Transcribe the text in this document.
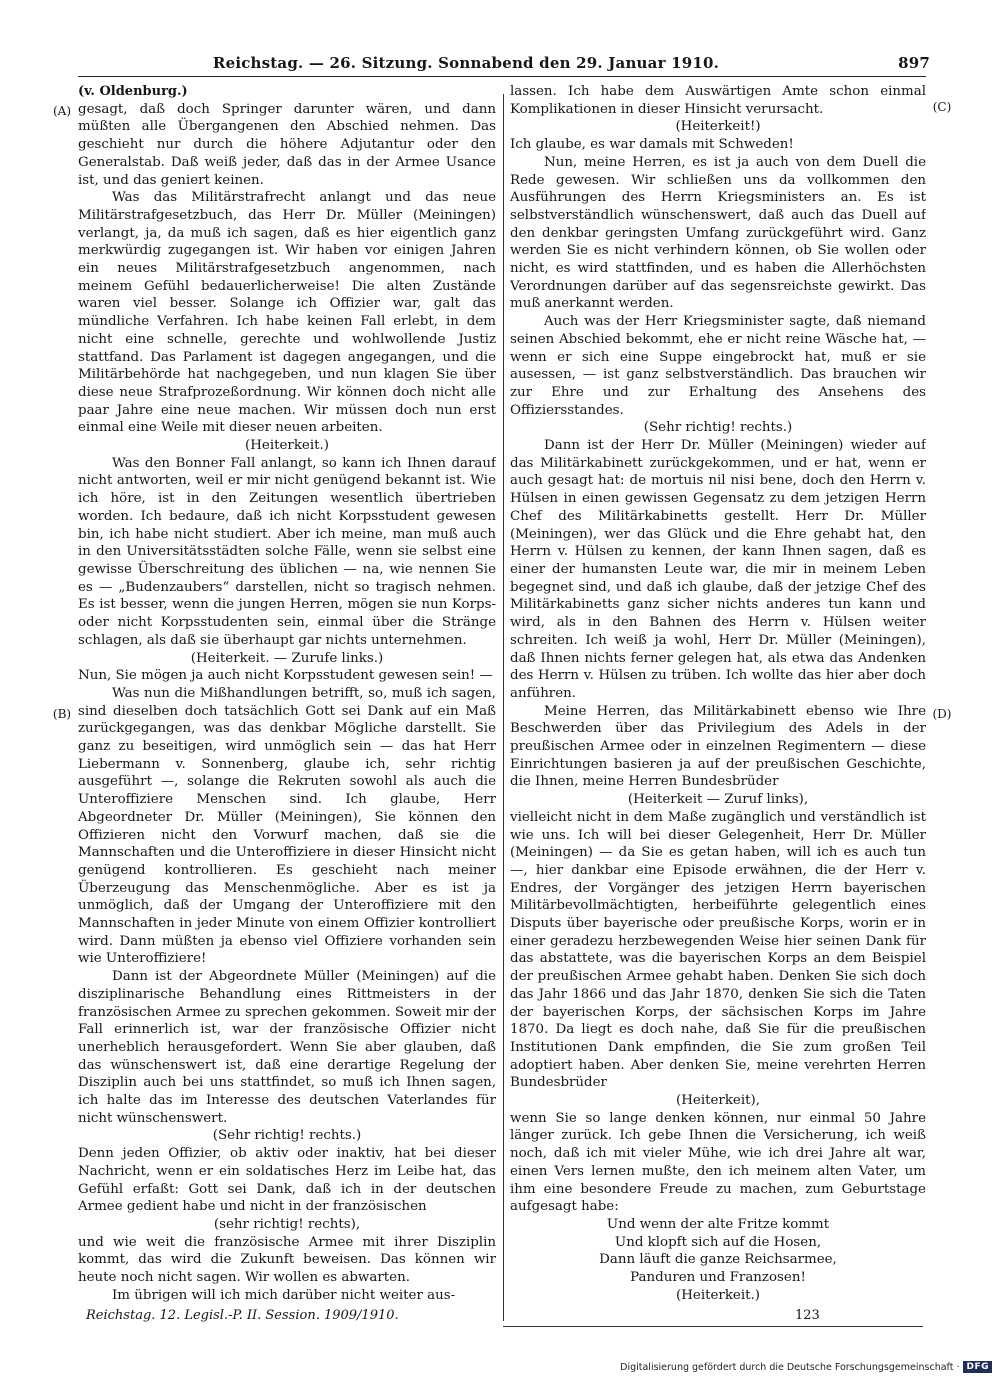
Reichstag. — 26. Sitzung. Sonnabend den 29. Januar 1910.	897
(A)
(B)
(C)
(D)

(v. Oldenburg.)

gesagt, daß doch Springer darunter wären, und dann müßten alle Übergangenen den Abschied nehmen. Das geschieht nur durch die höhere Adjutantur oder den Generalstab. Daß weiß jeder, daß das in der Armee Usance ist, und das geniert keinen.

Was das Militärstrafrecht anlangt und das neue Militärstrafgesetzbuch, das Herr Dr. Müller (Meiningen) verlangt, ja, da muß ich sagen, daß es hier eigentlich ganz merkwürdig zugegangen ist. Wir haben vor einigen Jahren ein neues Militärstrafgesetzbuch angenommen, nach meinem Gefühl bedauerlicherweise! Die alten Zustände waren viel besser. Solange ich Offizier war, galt das mündliche Verfahren. Ich habe keinen Fall erlebt, in dem nicht eine schnelle, gerechte und wohlwollende Justiz stattfand. Das Parlament ist dagegen angegangen, und die Militärbehörde hat nachgegeben, und nun klagen Sie über diese neue Strafprozeßordnung. Wir können doch nicht alle paar Jahre eine neue machen. Wir müssen doch nun erst einmal eine Weile mit dieser neuen arbeiten.

(Heiterkeit.)

Was den Bonner Fall anlangt, so kann ich Ihnen darauf nicht antworten, weil er mir nicht genügend bekannt ist. Wie ich höre, ist in den Zeitungen wesentlich übertrieben worden. Ich bedaure, daß ich nicht Korpsstudent gewesen bin, ich habe nicht studiert. Aber ich meine, man muß auch in den Universitätsstädten solche Fälle, wenn sie selbst eine gewisse Überschreitung des üblichen — na, wie nennen Sie es — „Budenzaubers“ darstellen, nicht so tragisch nehmen. Es ist besser, wenn die jungen Herren, mögen sie nun Korps- oder nicht Korpsstudenten sein, einmal über die Stränge schlagen, als daß sie überhaupt gar nichts unternehmen.

(Heiterkeit. — Zurufe links.)

Nun, Sie mögen ja auch nicht Korpsstudent gewesen sein! —

Was nun die Mißhandlungen betrifft, so, muß ich sagen, sind dieselben doch tatsächlich Gott sei Dank auf ein Maß zurückgegangen, was das denkbar Mögliche darstellt. Sie ganz zu beseitigen, wird unmöglich sein — das hat Herr Liebermann v. Sonnenberg, glaube ich, sehr richtig ausgeführt —, solange die Rekruten sowohl als auch die Unteroffiziere Menschen sind. Ich glaube, Herr Abgeordneter Dr. Müller (Meiningen), Sie können den Offizieren nicht den Vorwurf machen, daß sie die Mannschaften und die Unteroffiziere in dieser Hinsicht nicht genügend kontrollieren. Es geschieht nach meiner Überzeugung das Menschenmögliche. Aber es ist ja unmöglich, daß der Umgang der Unteroffiziere mit den Mannschaften in jeder Minute von einem Offizier kontrolliert wird. Dann müßten ja ebenso viel Offiziere vorhanden sein wie Unteroffiziere!

Dann ist der Abgeordnete Müller (Meiningen) auf die disziplinarische Behandlung eines Rittmeisters in der französischen Armee zu sprechen gekommen. Soweit mir der Fall erinnerlich ist, war der französische Offizier nicht unerheblich herausgefordert. Wenn Sie aber glauben, daß das wünschenswert ist, daß eine derartige Regelung der Disziplin auch bei uns stattfindet, so muß ich Ihnen sagen, ich halte das im Interesse des deutschen Vaterlandes für nicht wünschenswert.

(Sehr richtig! rechts.)

Denn jeden Offizier, ob aktiv oder inaktiv, hat bei dieser Nachricht, wenn er ein soldatisches Herz im Leibe hat, das Gefühl erfaßt: Gott sei Dank, daß ich in der deutschen Armee gedient habe und nicht in der französischen

(sehr richtig! rechts),

und wie weit die französische Armee mit ihrer Disziplin kommt, das wird die Zukunft beweisen. Das können wir heute noch nicht sagen. Wir wollen es abwarten.

Im übrigen will ich mich darüber nicht weiter aus-

lassen. Ich habe dem Auswärtigen Amte schon einmal Komplikationen in dieser Hinsicht verursacht.

(Heiterkeit!)

Ich glaube, es war damals mit Schweden!

Nun, meine Herren, es ist ja auch von dem Duell die Rede gewesen. Wir schließen uns da vollkommen den Ausführungen des Herrn Kriegsministers an. Es ist selbstverständlich wünschenswert, daß auch das Duell auf den denkbar geringsten Umfang zurückgeführt wird. Ganz werden Sie es nicht verhindern können, ob Sie wollen oder nicht, es wird stattfinden, und es haben die Allerhöchsten Verordnungen darüber auf das segensreichste gewirkt. Das muß anerkannt werden.

Auch was der Herr Kriegsminister sagte, daß niemand seinen Abschied bekommt, ehe er nicht reine Wäsche hat, — wenn er sich eine Suppe eingebrockt hat, muß er sie ausessen, — ist ganz selbstverständlich. Das brauchen wir zur Ehre und zur Erhaltung des Ansehens des Offiziersstandes.

(Sehr richtig! rechts.)

Dann ist der Herr Dr. Müller (Meiningen) wieder auf das Militärkabinett zurückgekommen, und er hat, wenn er auch gesagt hat: de mortuis nil nisi bene, doch den Herrn v. Hülsen in einen gewissen Gegensatz zu dem jetzigen Herrn Chef des Militärkabinetts gestellt. Herr Dr. Müller (Meiningen), wer das Glück und die Ehre gehabt hat, den Herrn v. Hülsen zu kennen, der kann Ihnen sagen, daß es einer der humansten Leute war, die mir in meinem Leben begegnet sind, und daß ich glaube, daß der jetzige Chef des Militärkabinetts ganz sicher nichts anderes tun kann und wird, als in den Bahnen des Herrn v. Hülsen weiter schreiten. Ich weiß ja wohl, Herr Dr. Müller (Meiningen), daß Ihnen nichts ferner gelegen hat, als etwa das Andenken des Herrn v. Hülsen zu trüben. Ich wollte das hier aber doch anführen.

Meine Herren, das Militärkabinett ebenso wie Ihre Beschwerden über das Privilegium des Adels in der preußischen Armee oder in einzelnen Regimentern — diese Einrichtungen basieren ja auf der preußischen Geschichte, die Ihnen, meine Herren Bundesbrüder

(Heiterkeit — Zuruf links),

vielleicht nicht in dem Maße zugänglich und verständlich ist wie uns. Ich will bei dieser Gelegenheit, Herr Dr. Müller (Meiningen) — da Sie es getan haben, will ich es auch tun —, hier dankbar eine Episode erwähnen, die der Herr v. Endres, der Vorgänger des jetzigen Herrn bayerischen Militärbevollmächtigten, herbeiführte gelegentlich eines Disputs über bayerische oder preußische Korps, worin er in einer geradezu herzbewegenden Weise hier seinen Dank für das abstattete, was die bayerischen Korps an dem Beispiel der preußischen Armee gehabt haben. Denken Sie sich doch das Jahr 1866 und das Jahr 1870, denken Sie sich die Taten der bayerischen Korps, der sächsischen Korps im Jahre 1870. Da liegt es doch nahe, daß Sie für die preußischen Institutionen Dank empfinden, die Sie zum großen Teil adoptiert haben. Aber denken Sie, meine verehrten Herren Bundesbrüder

(Heiterkeit),

wenn Sie so lange denken können, nur einmal 50 Jahre länger zurück. Ich gebe Ihnen die Versicherung, ich weiß noch, daß ich mit vieler Mühe, wie ich drei Jahre alt war, einen Vers lernen mußte, den ich meinem alten Vater, um ihm eine besondere Freude zu machen, zum Geburtstage aufgesagt habe:

Und wenn der alte Fritze kommt

Und klopft sich auf die Hosen,

Dann läuft die ganze Reichsarmee,

Panduren und Franzosen!

(Heiterkeit.)

Reichstag. 12. Legisl.-P. II. Session. 1909/1910.	123
Digitalisierung gefördert durch die Deutsche Forschungsgemeinschaft · DFG
